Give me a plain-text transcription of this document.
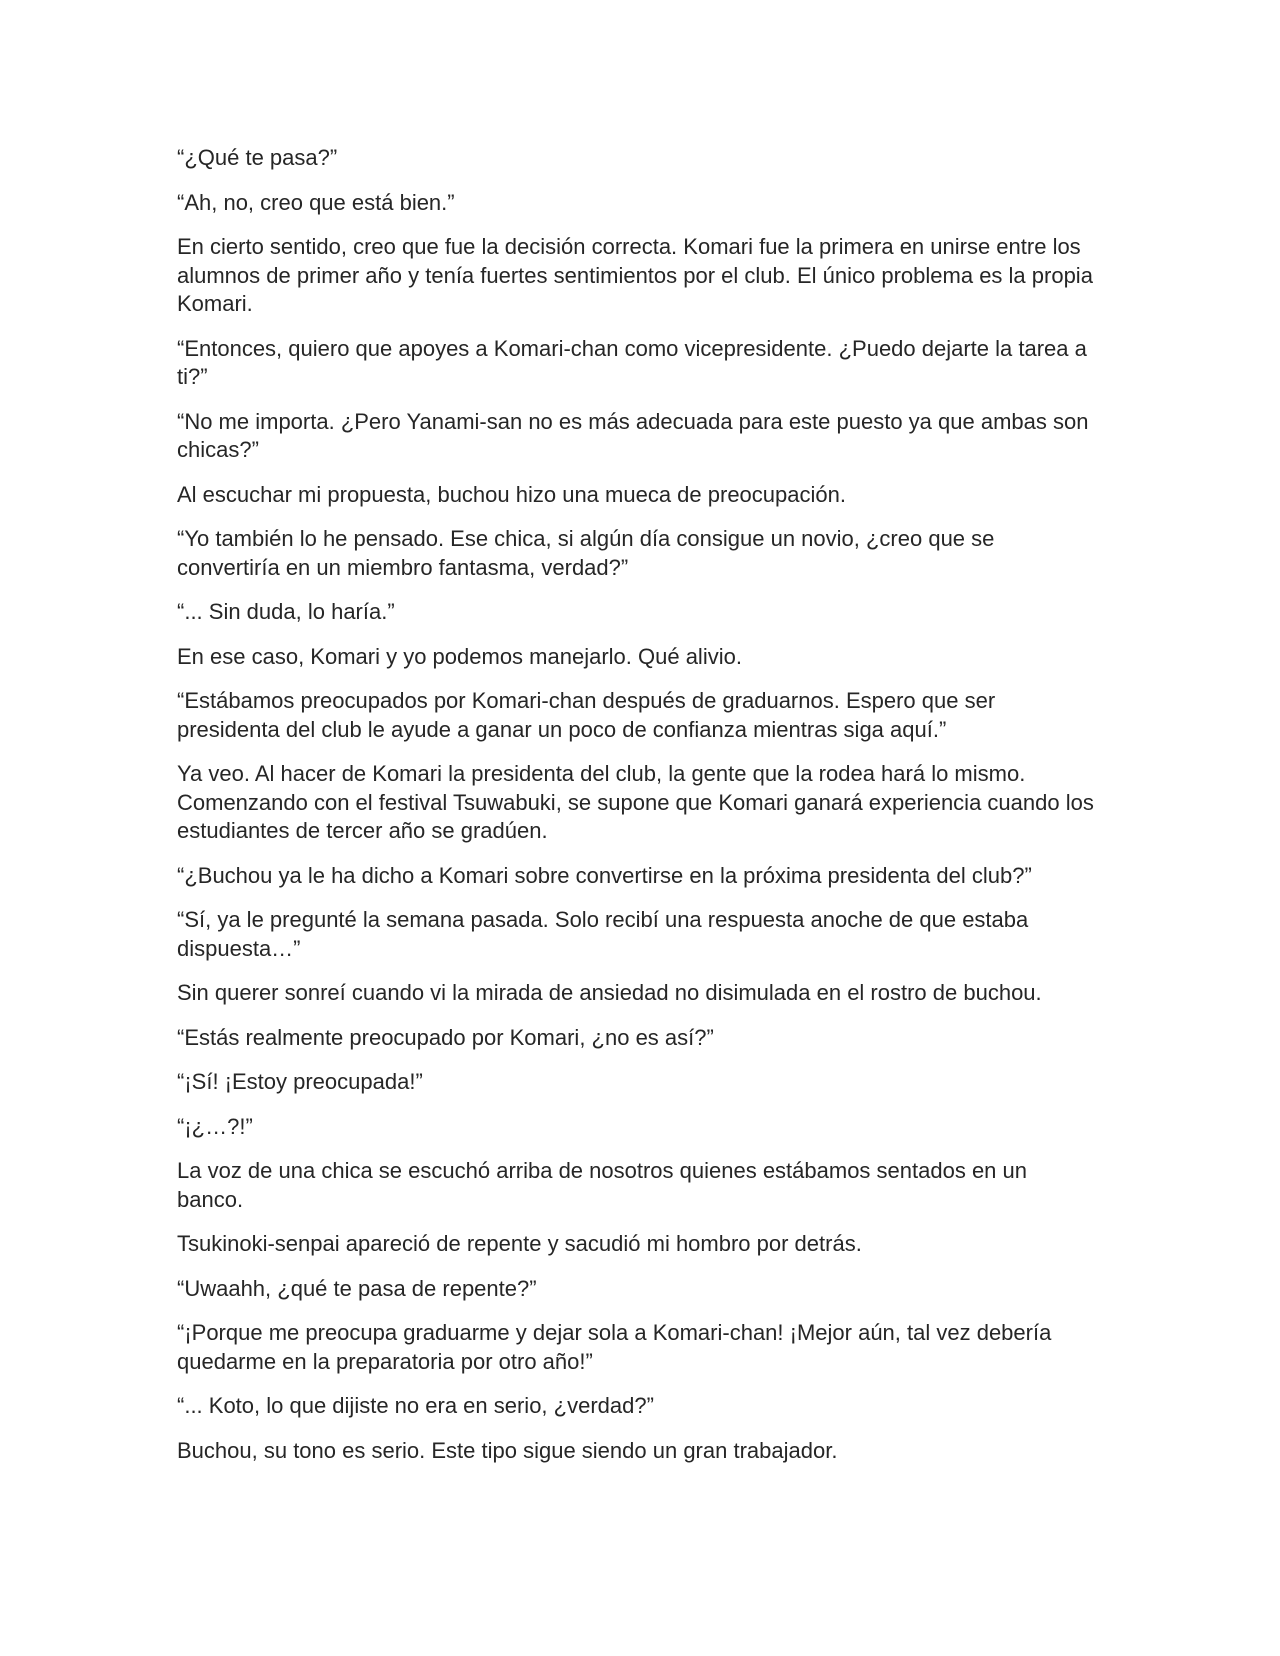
“¿Qué te pasa?”

“Ah, no, creo que está bien.”

En cierto sentido, creo que fue la decisión correcta. Komari fue la primera en unirse entre los alumnos de primer año y tenía fuertes sentimientos por el club. El único problema es la propia Komari.

“Entonces, quiero que apoyes a Komari-chan como vicepresidente. ¿Puedo dejarte la tarea a ti?”

“No me importa. ¿Pero Yanami-san no es más adecuada para este puesto ya que ambas son chicas?”

Al escuchar mi propuesta, buchou hizo una mueca de preocupación.

“Yo también lo he pensado. Ese chica, si algún día consigue un novio, ¿creo que se convertiría en un miembro fantasma, verdad?”

“... Sin duda, lo haría.”

En ese caso, Komari y yo podemos manejarlo. Qué alivio.

“Estábamos preocupados por Komari-chan después de graduarnos. Espero que ser presidenta del club le ayude a ganar un poco de confianza mientras siga aquí.”

Ya veo. Al hacer de Komari la presidenta del club, la gente que la rodea hará lo mismo. Comenzando con el festival Tsuwabuki, se supone que Komari ganará experiencia cuando los estudiantes de tercer año se gradúen.

“¿Buchou ya le ha dicho a Komari sobre convertirse en la próxima presidenta del club?”

“Sí, ya le pregunté la semana pasada. Solo recibí una respuesta anoche de que estaba dispuesta…”

Sin querer sonreí cuando vi la mirada de ansiedad no disimulada en el rostro de buchou.

“Estás realmente preocupado por Komari, ¿no es así?”

“¡Sí! ¡Estoy preocupada!”

“¡¿…?!”

La voz de una chica se escuchó arriba de nosotros quienes estábamos sentados en un banco.

Tsukinoki-senpai apareció de repente y sacudió mi hombro por detrás.

“Uwaahh, ¿qué te pasa de repente?”

“¡Porque me preocupa graduarme y dejar sola a Komari-chan! ¡Mejor aún, tal vez debería quedarme en la preparatoria por otro año!”

“... Koto, lo que dijiste no era en serio, ¿verdad?”

Buchou, su tono es serio. Este tipo sigue siendo un gran trabajador.
